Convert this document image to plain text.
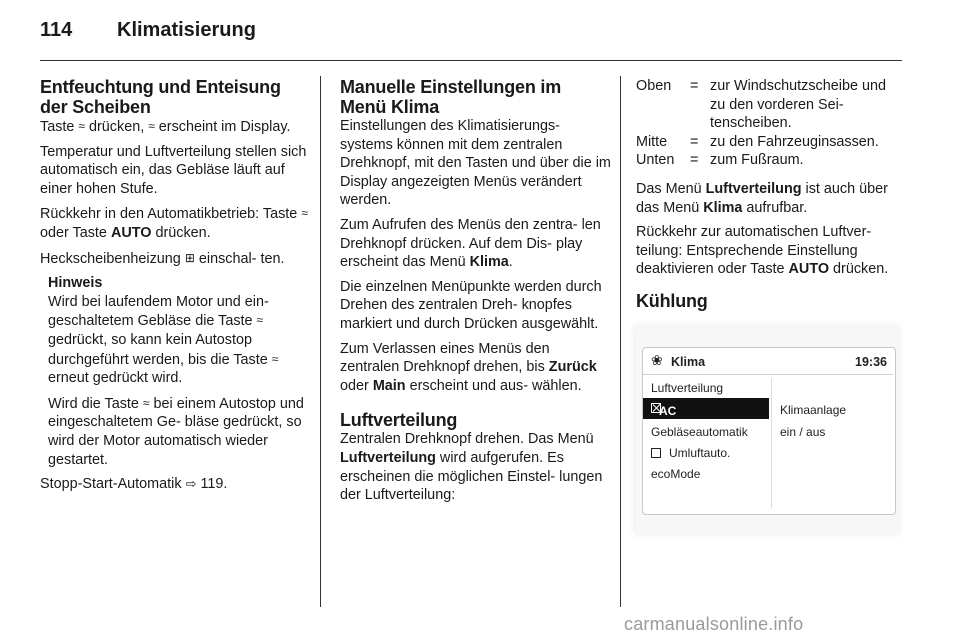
114 Klimatisierung
Entfeuchtung und Enteisung der Scheiben

Taste ≈ drücken, ≈ erscheint im Display.

Temperatur und Luftverteilung stellen sich automatisch ein, das Gebläse läuft auf einer hohen Stufe.

Rückkehr in den Automatikbetrieb: Taste ≈ oder Taste AUTO drücken.

Heckscheibenheizung ⊞ einschal- ten.

Hinweis

Wird bei laufendem Motor und ein- geschaltetem Gebläse die Taste ≈ gedrückt, so kann kein Autostop durchgeführt werden, bis die Taste ≈ erneut gedrückt wird.

Wird die Taste ≈ bei einem Autostop und eingeschaltetem Ge- bläse gedrückt, so wird der Motor automatisch wieder gestartet.

Stopp-Start-Automatik ⇨ 119.

Manuelle Einstellungen im Menü Klima

Einstellungen des Klimatisierungs- systems können mit dem zentralen Drehknopf, mit den Tasten und über die im Display angezeigten Menüs verändert werden.

Zum Aufrufen des Menüs den zentra- len Drehknopf drücken. Auf dem Dis- play erscheint das Menü Klima.

Die einzelnen Menüpunkte werden durch Drehen des zentralen Dreh- knopfes markiert und durch Drücken ausgewählt.

Zum Verlassen eines Menüs den zentralen Drehknopf drehen, bis Zurück oder Main erscheint und aus- wählen.

Luftverteilung

Zentralen Drehknopf drehen. Das Menü Luftverteilung wird aufgerufen. Es erscheinen die möglichen Einstel- lungen der Luftverteilung:

Oben	= zur Windschutzscheibe und zu den vorderen Sei- tenscheiben.
Mitte	= zu den Fahrzeuginsassen.
Unten	= zum Fußraum.

Das Menü Luftverteilung ist auch über das Menü Klima aufrufbar.

Rückkehr zur automatischen Luftver- teilung: Entsprechende Einstellung deaktivieren oder Taste AUTO drücken.

Kühlung
❀ Klima	19:36
Luftverteilung
AC
Gebläseautomatik
Umluftauto.
ecoMode
Klimaanlage
ein / aus
carmanualsonline.info
